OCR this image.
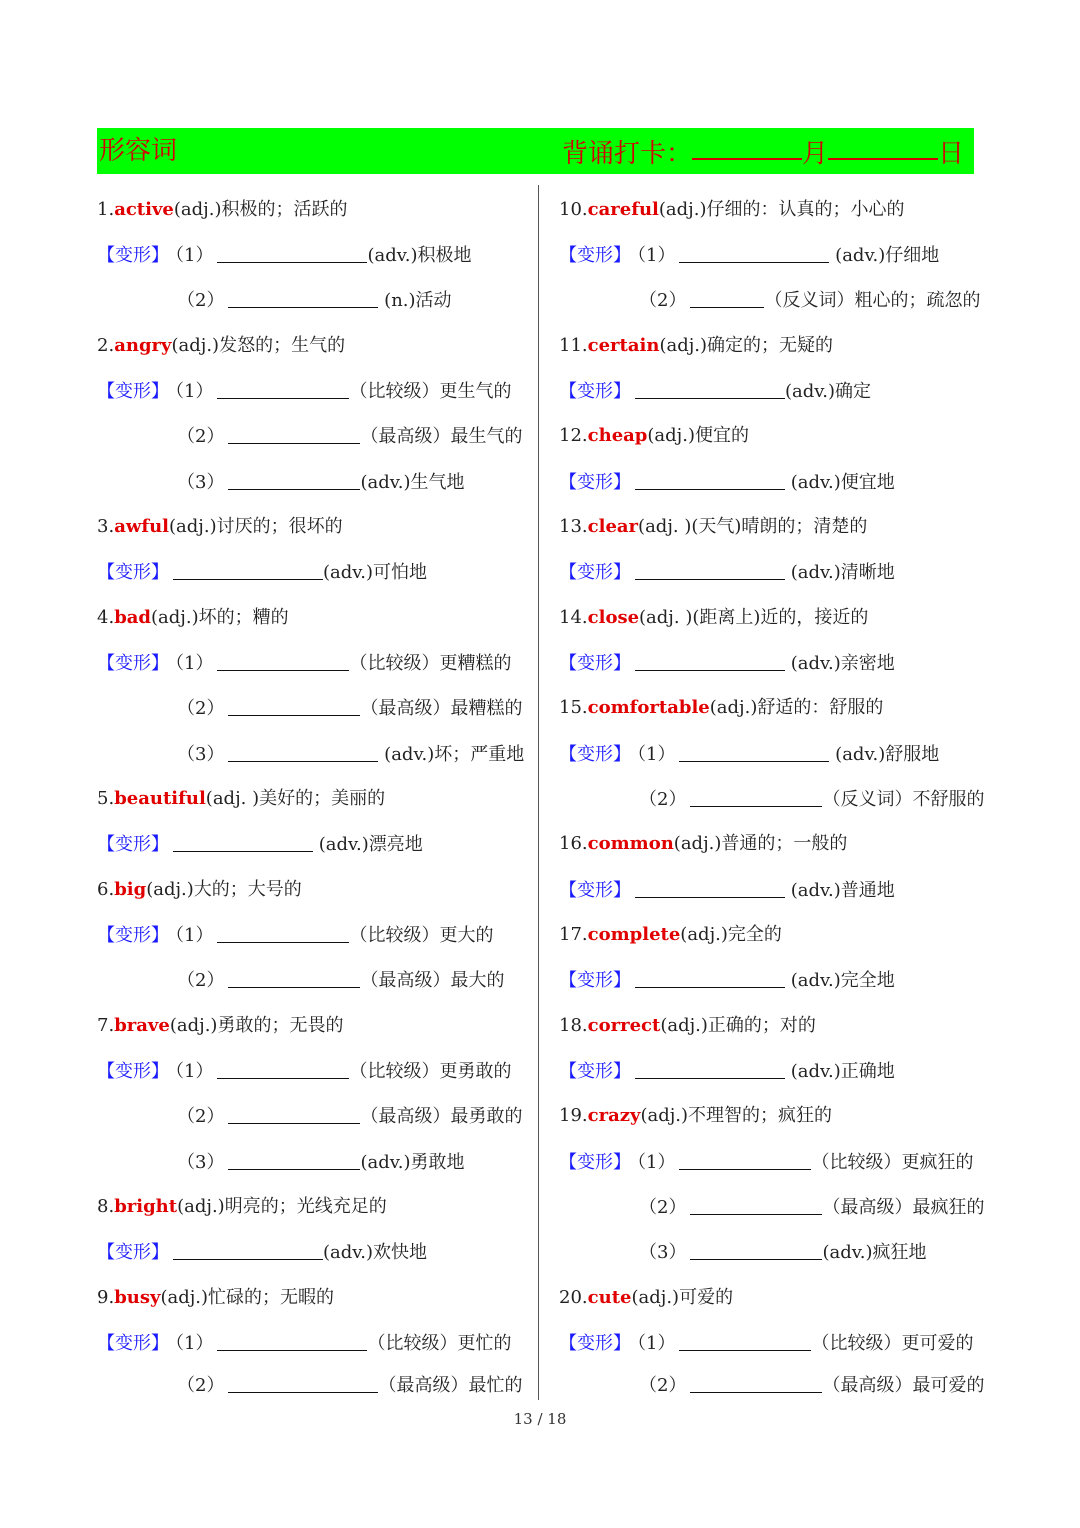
形容词	背诵打卡：	月	日
1.active(adj.)积极的；活跃的
【变形】 （1）	(adv.)积极地
（2）	(n.)活动
2.angry(adj.)发怒的；生气的
【变形】 （1）	（比较级）更生气的
（2）	（最高级）最生气的
（3）	(adv.)生气地
3.awful(adj.)讨厌的；很坏的
【变形】	(adv.)可怕地
4.bad(adj.)坏的；糟的
【变形】 （1）	（比较级）更糟糕的
（2）	（最高级）最糟糕的
（3）	(adv.)坏；严重地
5.beautiful(adj. )美好的；美丽的
【变形】	(adv.)漂亮地
6.big(adj.)大的；大号的
【变形】 （1）	（比较级）更大的
（2）	（最高级）最大的
7.brave(adj.)勇敢的；无畏的
【变形】 （1）	（比较级）更勇敢的
（2）	（最高级）最勇敢的
（3）	(adv.)勇敢地
8.bright(adj.)明亮的；光线充足的
【变形】	(adv.)欢快地
9.busy(adj.)忙碌的；无暇的
【变形】 （1）	（比较级）更忙的
（2）	（最高级）最忙的
10.careful(adj.)仔细的：认真的；小心的
【变形】 （1）	(adv.)仔细地
（2）	（反义词）粗心的；疏忽的
11.certain(adj.)确定的；无疑的
【变形】	(adv.)确定
12.cheap(adj.)便宜的
【变形】	(adv.)便宜地
13.clear(adj. )(天气)晴朗的；清楚的
【变形】	(adv.)清晰地
14.close(adj. )(距离上)近的，接近的
【变形】	(adv.)亲密地
15.comfortable(adj.)舒适的：舒服的
【变形】 （1）	(adv.)舒服地
（2）	（反义词）不舒服的
16.common(adj.)普通的；一般的
【变形】	(adv.)普通地
17.complete(adj.)完全的
【变形】	(adv.)完全地
18.correct(adj.)正确的；对的
【变形】	(adv.)正确地
19.crazy(adj.)不理智的；疯狂的
【变形】 （1）	（比较级）更疯狂的
（2）	（最高级）最疯狂的
（3）	(adv.)疯狂地
20.cute(adj.)可爱的
【变形】 （1）	（比较级）更可爱的
（2）	（最高级）最可爱的
13 / 18
